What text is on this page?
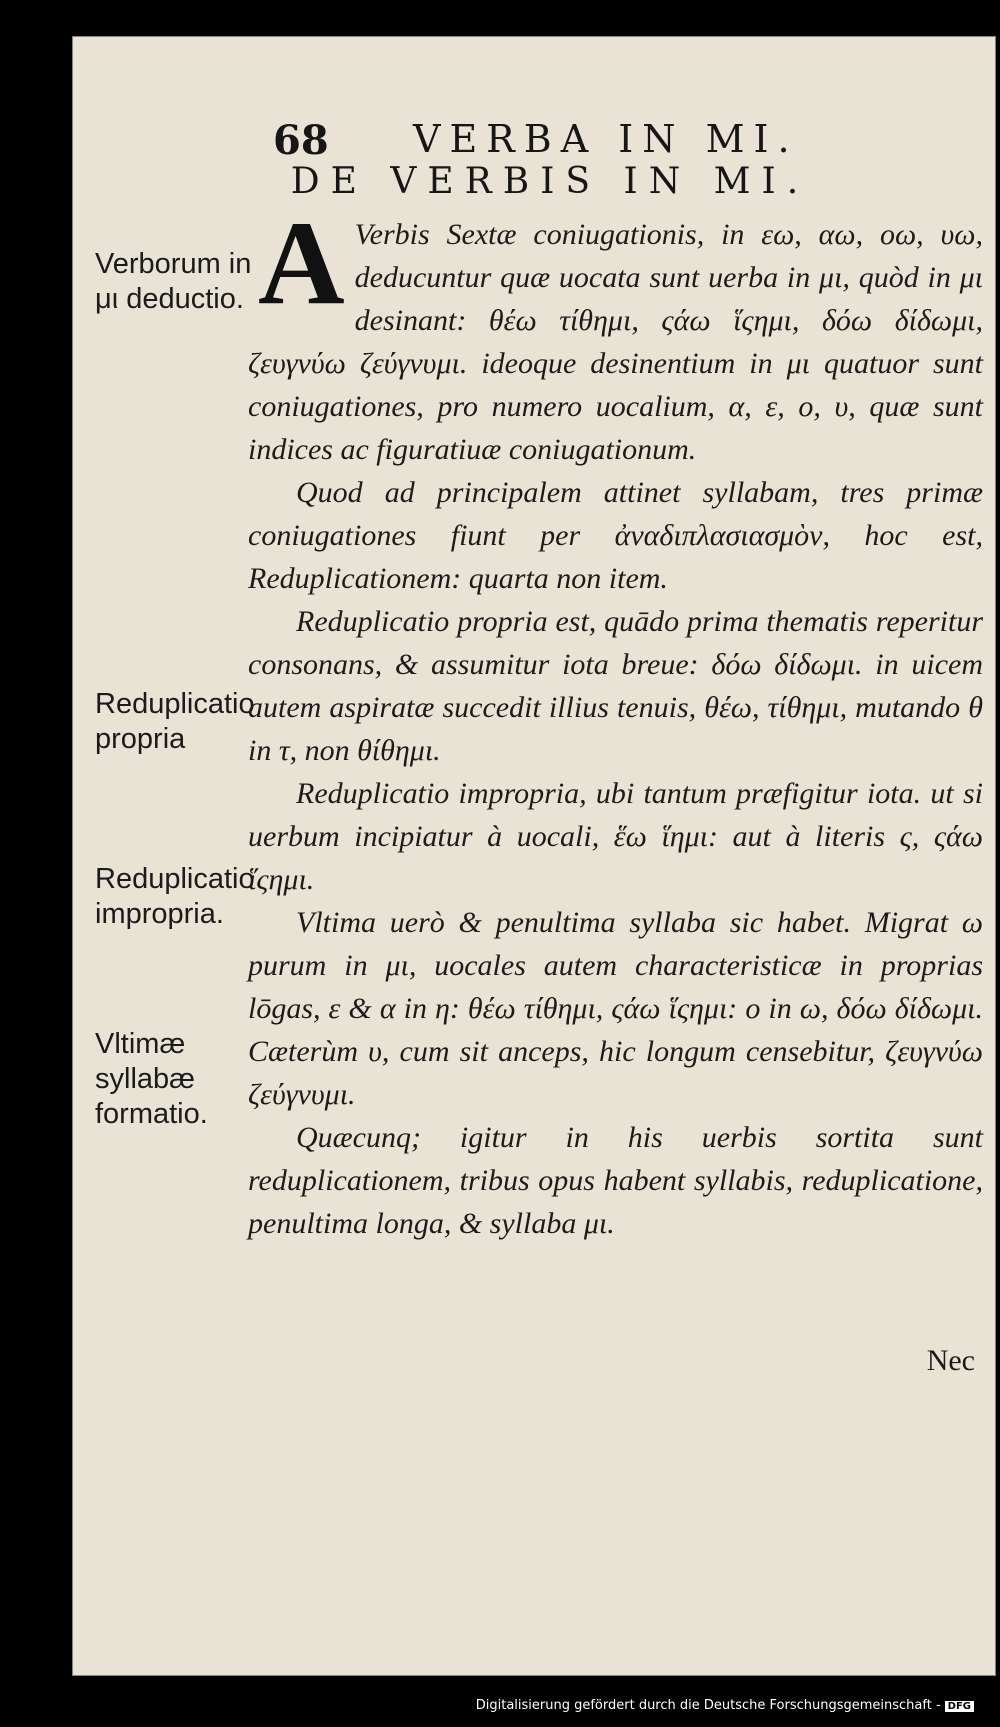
68 VERBA IN MI.
DE VERBIS IN MI.
Verborum in μι deductio.
Reduplicatio propria
Reduplicatio impropria.
Vltimæ syllabæ formatio.

A Verbis Sextæ coniugationis, in εω, αω, οω, υω, deducuntur quæ uocata sunt uerba in μι, quòd in μι desinant: θέω τίθημι, ςάω ἵςημι, δόω δίδωμι, ζευγνύω ζεύγνυμι. ideoque desinentium in μι quatuor sunt coniugationes, pro numero uocalium, α, ε, ο, υ, quæ sunt indices ac figuratiuæ coniugationum.

Quod ad principalem attinet syllabam, tres primæ coniugationes fiunt per ἀναδιπλασιασμὸν, hoc est, Reduplicationem: quarta non item.

Reduplicatio propria est, quādo prima thematis reperitur consonans, & assumitur iota breue: δόω δίδωμι. in uicem autem aspiratæ succedit illius tenuis, θέω, τίθημι, mutando θ in τ, non θίθημι.

Reduplicatio impropria, ubi tantum præfigitur iota. ut si uerbum incipiatur à uocali, ἕω ἵημι: aut à literis ς, ςάω ἵςημι.

Vltima uerò & penultima syllaba sic habet. Migrat ω purum in μι, uocales autem characteristicæ in proprias lōgas, ε & α in η: θέω τίθημι, ςάω ἵςημι: ο in ω, δόω δίδωμι. Cæterùm υ, cum sit anceps, hic longum censebitur, ζευγνύω ζεύγνυμι.

Quæcunq; igitur in his uerbis sortita sunt reduplicationem, tribus opus habent syllabis, reduplicatione, penultima longa, & syllaba μι.

Nec
Digitalisierung gefördert durch die Deutsche Forschungsgemeinschaft - DFG
